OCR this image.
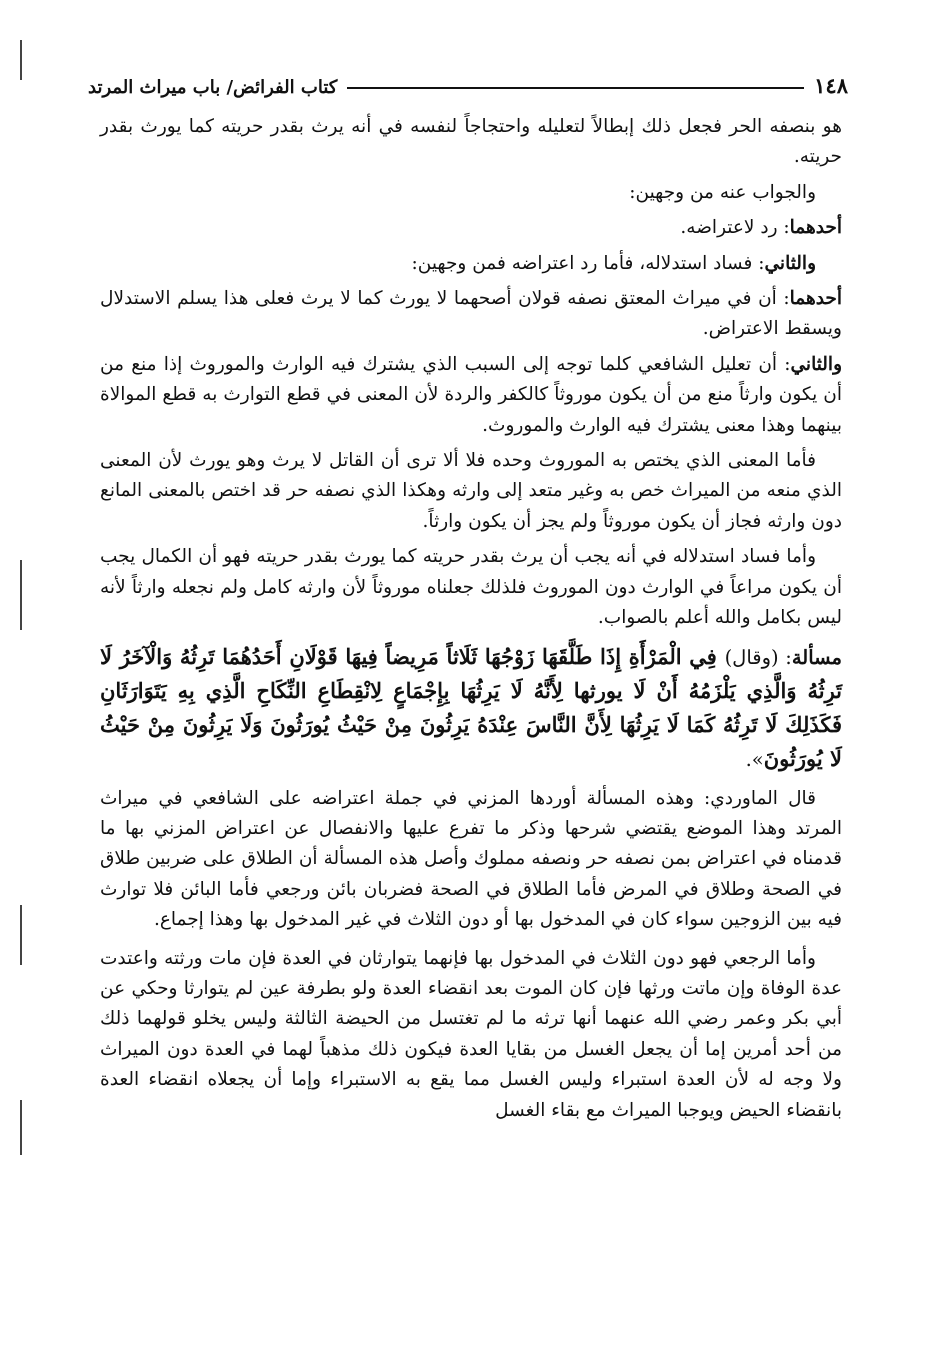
١٤٨
كتاب الفرائض/ باب ميراث المرتد

هو بنصفه الحر فجعل ذلك إبطالاً لتعليله واحتجاجاً لنفسه في أنه يرث بقدر حريته كما يورث بقدر حريته.

والجواب عنه من وجهين:

أحدهما: رد لاعتراضه.

والثاني: فساد استدلاله، فأما رد اعتراضه فمن وجهين:

أحدهما: أن في ميراث المعتق نصفه قولان أصحهما لا يورث كما لا يرث فعلى هذا يسلم الاستدلال ويسقط الاعتراض.

والثاني: أن تعليل الشافعي كلما توجه إلى السبب الذي يشترك فيه الوارث والموروث إذا منع من أن يكون وارثاً منع من أن يكون موروثاً كالكفر والردة لأن المعنى في قطع التوارث به قطع الموالاة بينهما وهذا معنى يشترك فيه الوارث والموروث.

فأما المعنى الذي يختص به الموروث وحده فلا ألا ترى أن القاتل لا يرث وهو يورث لأن المعنى الذي منعه من الميراث خص به وغير متعد إلى وارثه وهكذا الذي نصفه حر قد اختص بالمعنى المانع دون وارثه فجاز أن يكون موروثاً ولم يجز أن يكون وارثاً.

وأما فساد استدلاله في أنه يجب أن يرث بقدر حريته كما يورث بقدر حريته فهو أن الكمال يجب أن يكون مراعاً في الوارث دون الموروث فلذلك جعلناه موروثاً لأن وارثه كامل ولم نجعله وارثاً لأنه ليس بكامل والله أعلم بالصواب.

مسألة: (وقال) فِي الْمَرْأَةِ إِذَا طَلَّقَهَا زَوْجُهَا ثَلَاثاً مَرِيضاً فِيهَا قَوْلَانِ أَحَدُهُمَا تَرِثُهُ وَالْآخَرُ لَا تَرِثُهُ وَالَّذِي يَلْزَمُهُ أَنْ لَا يورثها لِأَنَّهُ لَا يَرِثُهَا بِإِجْمَاعٍ لِانْقِطَاعِ النِّكَاحِ الَّذِي بِهِ يَتَوَارَثَانِ فَكَذَلِكَ لَا تَرِثُهُ كَمَا لَا يَرِثُهَا لِأَنَّ النَّاسَ عِنْدَهُ يَرِثُونَ مِنْ حَيْثُ يُورَثُونَ وَلَا يَرِثُونَ مِنْ حَيْثُ لَا يُورَثُونَ».

قال الماوردي: وهذه المسألة أوردها المزني في جملة اعتراضه على الشافعي في ميراث المرتد وهذا الموضع يقتضي شرحها وذكر ما تفرع عليها والانفصال عن اعتراض المزني بها ما قدمناه في اعتراض بمن نصفه حر ونصفه مملوك وأصل هذه المسألة أن الطلاق على ضربين طلاق في الصحة وطلاق في المرض فأما الطلاق في الصحة فضربان بائن ورجعي فأما البائن فلا توارث فيه بين الزوجين سواء كان في المدخول بها أو دون الثلاث في غير المدخول بها وهذا إجماع.

وأما الرجعي فهو دون الثلاث في المدخول بها فإنهما يتوارثان في العدة فإن مات ورثته واعتدت عدة الوفاة وإن ماتت ورثها فإن كان الموت بعد انقضاء العدة ولو بطرفة عين لم يتوارثا وحكي عن أبي بكر وعمر رضي الله عنهما أنها ترثه ما لم تغتسل من الحيضة الثالثة وليس يخلو قولهما ذلك من أحد أمرين إما أن يجعل الغسل من بقايا العدة فيكون ذلك مذهباً لهما في العدة دون الميراث ولا وجه له لأن العدة استبراء وليس الغسل مما يقع به الاستبراء وإما أن يجعلاه انقضاء العدة بانقضاء الحيض ويوجبا الميراث مع بقاء الغسل
